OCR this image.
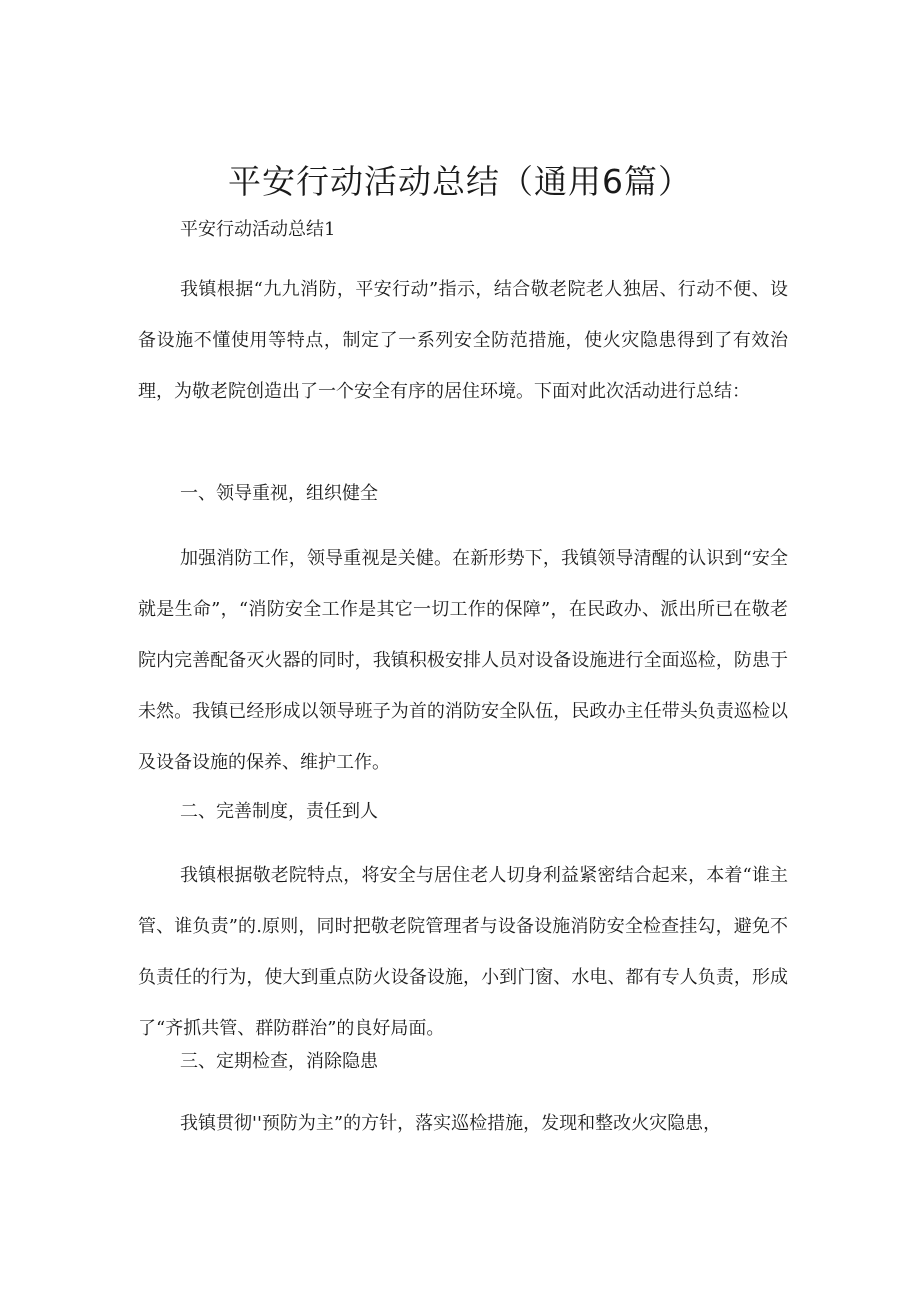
平安行动活动总结（通用6篇）

平安行动活动总结1

我镇根据“九九消防，平安行动”指示，结合敬老院老人独居、行动不便、设备设施不懂使用等特点，制定了一系列安全防范措施，使火灾隐患得到了有效治理，为敬老院创造出了一个安全有序的居住环境。下面对此次活动进行总结：

一、领导重视，组织健全

加强消防工作，领导重视是关健。在新形势下，我镇领导清醒的认识到“安全就是生命”，“消防安全工作是其它一切工作的保障”，在民政办、派出所已在敬老院内完善配备灭火器的同时，我镇积极安排人员对设备设施进行全面巡检，防患于未然。我镇已经形成以领导班子为首的消防安全队伍，民政办主任带头负责巡检以及设备设施的保养、维护工作。

二、完善制度，责任到人

我镇根据敬老院特点，将安全与居住老人切身利益紧密结合起来，本着“谁主管、谁负责”的.原则，同时把敬老院管理者与设备设施消防安全检查挂勾，避免不负责任的行为，使大到重点防火设备设施，小到门窗、水电、都有专人负责，形成了“齐抓共管、群防群治”的良好局面。

三、定期检查，消除隐患

我镇贯彻''预防为主”的方针，落实巡检措施，发现和整改火灾隐患，
